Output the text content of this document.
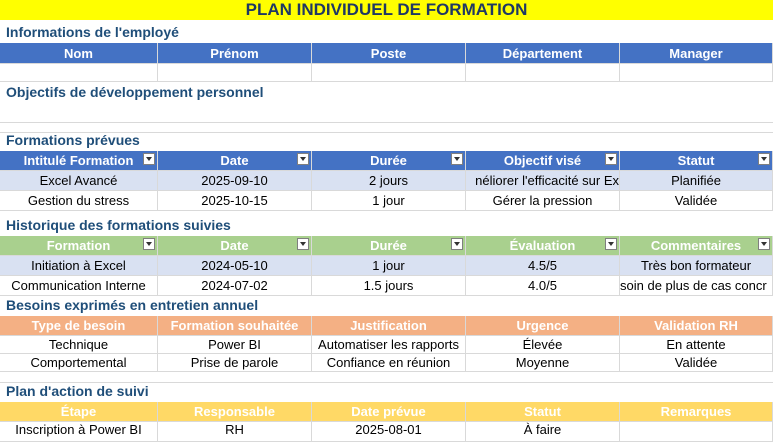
PLAN INDIVIDUEL DE FORMATION
Informations de l'employé
Nom	Prénom	Poste	Département	Manager
Objectifs de développement personnel
Formations prévues
Intitulé Formation	Date	Durée	Objectif visé	Statut
Excel Avancé	2025-09-10	2 jours	néliorer l'efficacité sur Ex	Planifiée
Gestion du stress	2025-10-15	1 jour	Gérer la pression	Validée
Historique des formations suivies
Formation	Date	Durée	Évaluation	Commentaires
Initiation à Excel	2024-05-10	1 jour	4.5/5	Très bon formateur
Communication Interne	2024-07-02	1.5 jours	4.0/5	soin de plus de cas concr
Besoins exprimés en entretien annuel
Type de besoin	Formation souhaitée	Justification	Urgence	Validation RH
Technique	Power BI	Automatiser les rapports	Élevée	En attente
Comportemental	Prise de parole	Confiance en réunion	Moyenne	Validée
Plan d'action de suivi
Étape	Responsable	Date prévue	Statut	Remarques
Inscription à Power BI	RH	2025-08-01	À faire
